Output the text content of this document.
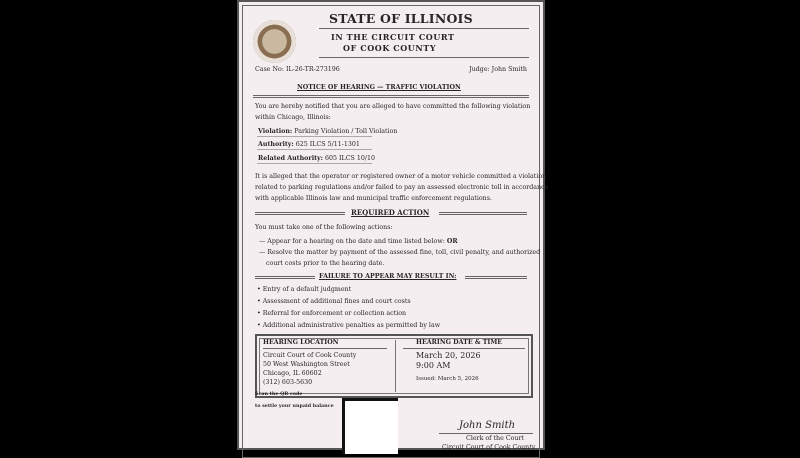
STATE OF ILLINOIS
IN THE CIRCUIT COURT
OF COOK COUNTY
Case No: IL-26-TR-273196	Judge: John Smith
NOTICE OF HEARING — TRAFFIC VIOLATION
You are hereby notified that you are alleged to have committed the following violation
within Chicago, Illinois:
Violation: Parking Violation / Toll Violation
Authority: 625 ILCS 5/11-1301
Related Authority: 605 ILCS 10/10
It is alleged that the operator or registered owner of a motor vehicle committed a violation
related to parking regulations and/or failed to pay an assessed electronic toll in accordance
with applicable Illinois law and municipal traffic enforcement regulations.
REQUIRED ACTION
You must take one of the following actions:
— Appear for a hearing on the date and time listed below: OR
— Resolve the matter by payment of the assessed fine, toll, civil penalty, and authorized
court costs prior to the hearing date.
FAILURE TO APPEAR MAY RESULT IN:
• Entry of a default judgment
• Assessment of additional fines and court costs
• Referral for enforcement or collection action
• Additional administrative penalties as permitted by law
HEARING LOCATION
Circuit Court of Cook County
50 West Washington Street
Chicago, IL 60602
(312) 603-5630
HEARING DATE & TIME
March 20, 2026
9:00 AM
Issued: March 5, 2026
Scan the QR code
to settle your unpaid balance
John Smith
Clerk of the Court
Circuit Court of Cook County
